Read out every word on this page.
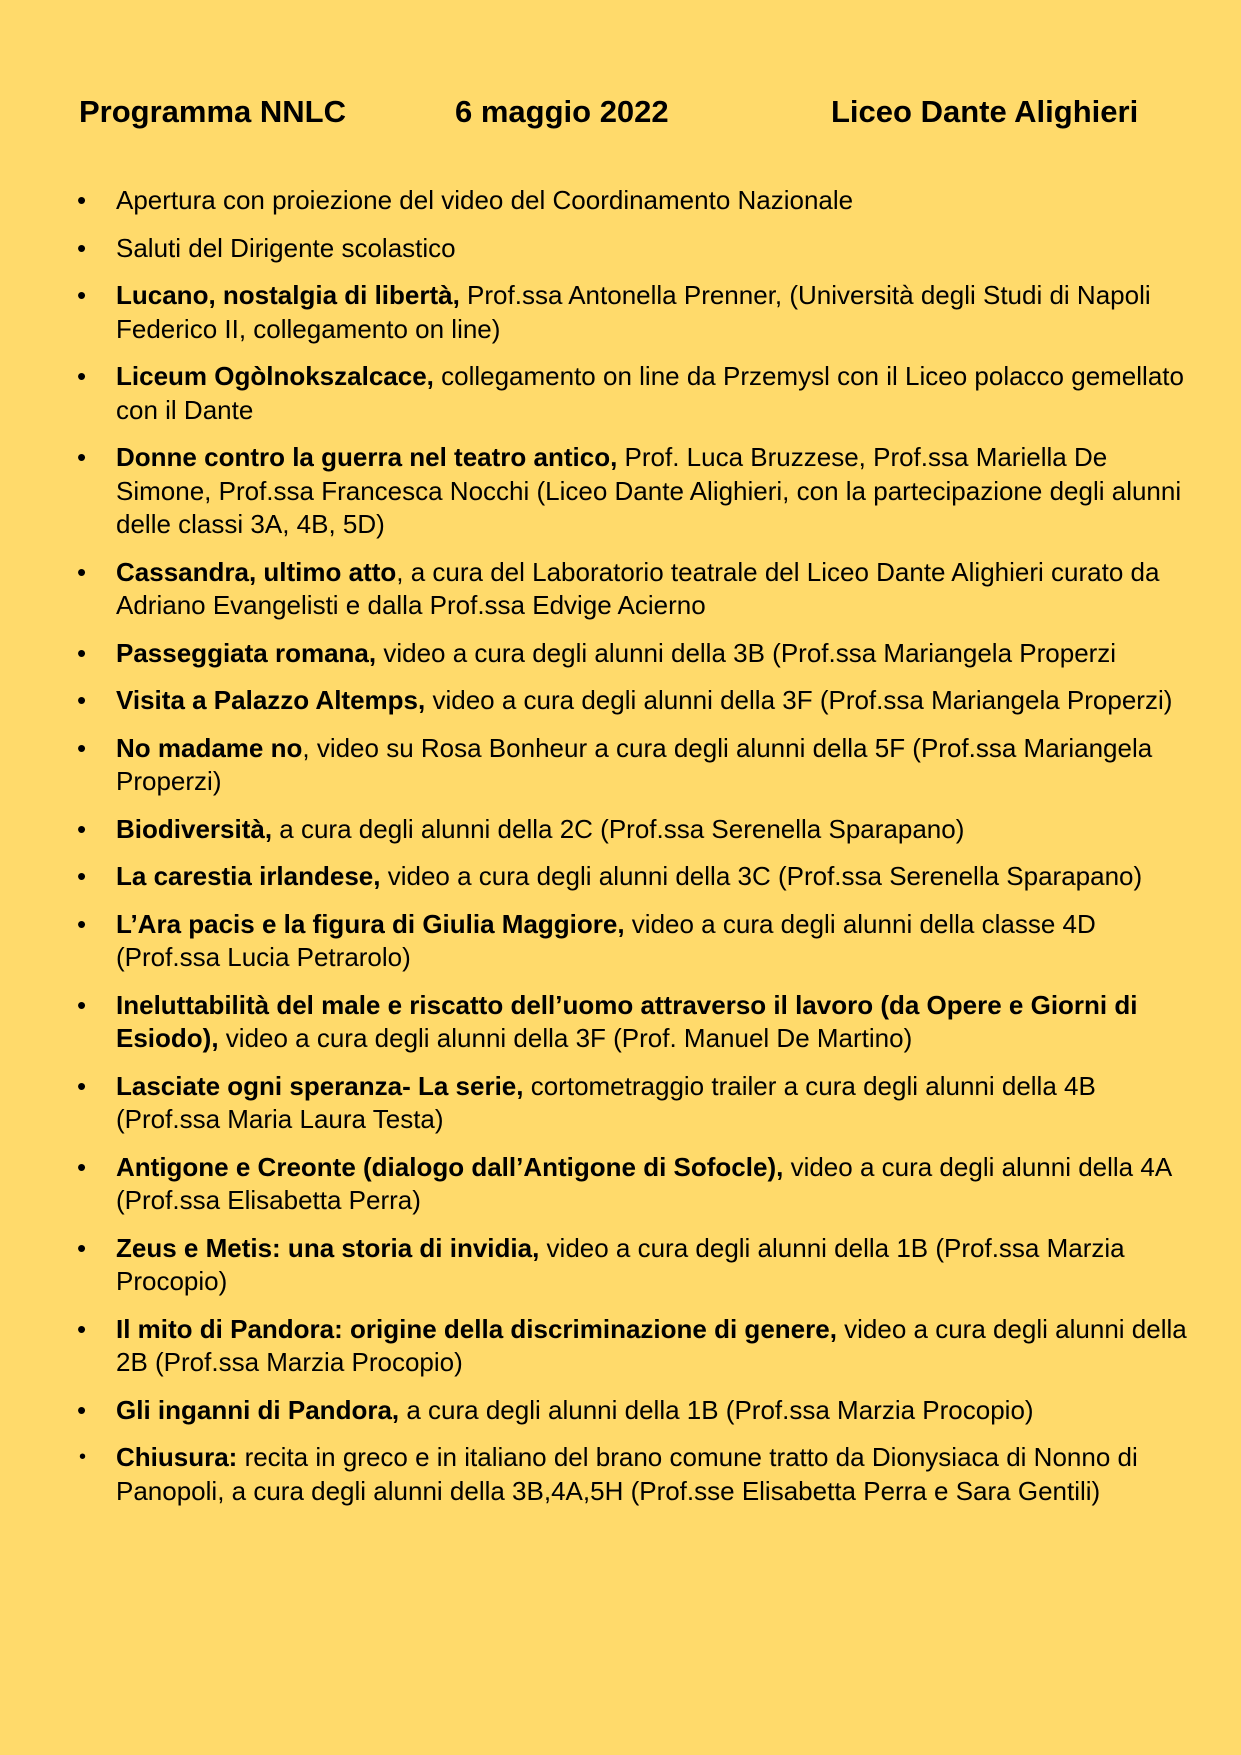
Programma NNLC	6 maggio 2022	Liceo Dante Alighieri
• Apertura con proiezione del video del Coordinamento Nazionale
• Saluti del Dirigente scolastico
• Lucano, nostalgia di libertà, Prof.ssa Antonella Prenner, (Università degli Studi di Napoli Federico II, collegamento on line)
• Liceum Ogòlnokszalcace, collegamento on line da Przemysl con il Liceo polacco gemellato con il Dante
• Donne contro la guerra nel teatro antico, Prof. Luca Bruzzese, Prof.ssa Mariella De Simone, Prof.ssa Francesca Nocchi (Liceo Dante Alighieri, con la partecipazione degli alunni delle classi 3A, 4B, 5D)
• Cassandra, ultimo atto, a cura del Laboratorio teatrale del Liceo Dante Alighieri curato da Adriano Evangelisti e dalla Prof.ssa Edvige Acierno
• Passeggiata romana, video a cura degli alunni della 3B (Prof.ssa Mariangela Properzi
• Visita a Palazzo Altemps, video a cura degli alunni della 3F (Prof.ssa Mariangela Properzi)
• No madame no, video su Rosa Bonheur a cura degli alunni della 5F (Prof.ssa Mariangela Properzi)
• Biodiversità, a cura degli alunni della 2C (Prof.ssa Serenella Sparapano)
• La carestia irlandese, video a cura degli alunni della 3C (Prof.ssa Serenella Sparapano)
• L’Ara pacis e la figura di Giulia Maggiore, video a cura degli alunni della classe 4D (Prof.ssa Lucia Petrarolo)
• Ineluttabilità del male e riscatto dell’uomo attraverso il lavoro (da Opere e Giorni di Esiodo), video a cura degli alunni della 3F (Prof. Manuel De Martino)
• Lasciate ogni speranza- La serie, cortometraggio trailer a cura degli alunni della 4B (Prof.ssa Maria Laura Testa)
• Antigone e Creonte (dialogo dall’Antigone di Sofocle), video a cura degli alunni della 4A (Prof.ssa Elisabetta Perra)
• Zeus e Metis: una storia di invidia, video a cura degli alunni della 1B (Prof.ssa Marzia Procopio)
• Il mito di Pandora: origine della discriminazione di genere, video a cura degli alunni della 2B (Prof.ssa Marzia Procopio)
• Gli inganni di Pandora, a cura degli alunni della 1B (Prof.ssa Marzia Procopio)
• Chiusura: recita in greco e in italiano del brano comune tratto da Dionysiaca di Nonno di Panopoli, a cura degli alunni della 3B,4A,5H (Prof.sse Elisabetta Perra e Sara Gentili)
